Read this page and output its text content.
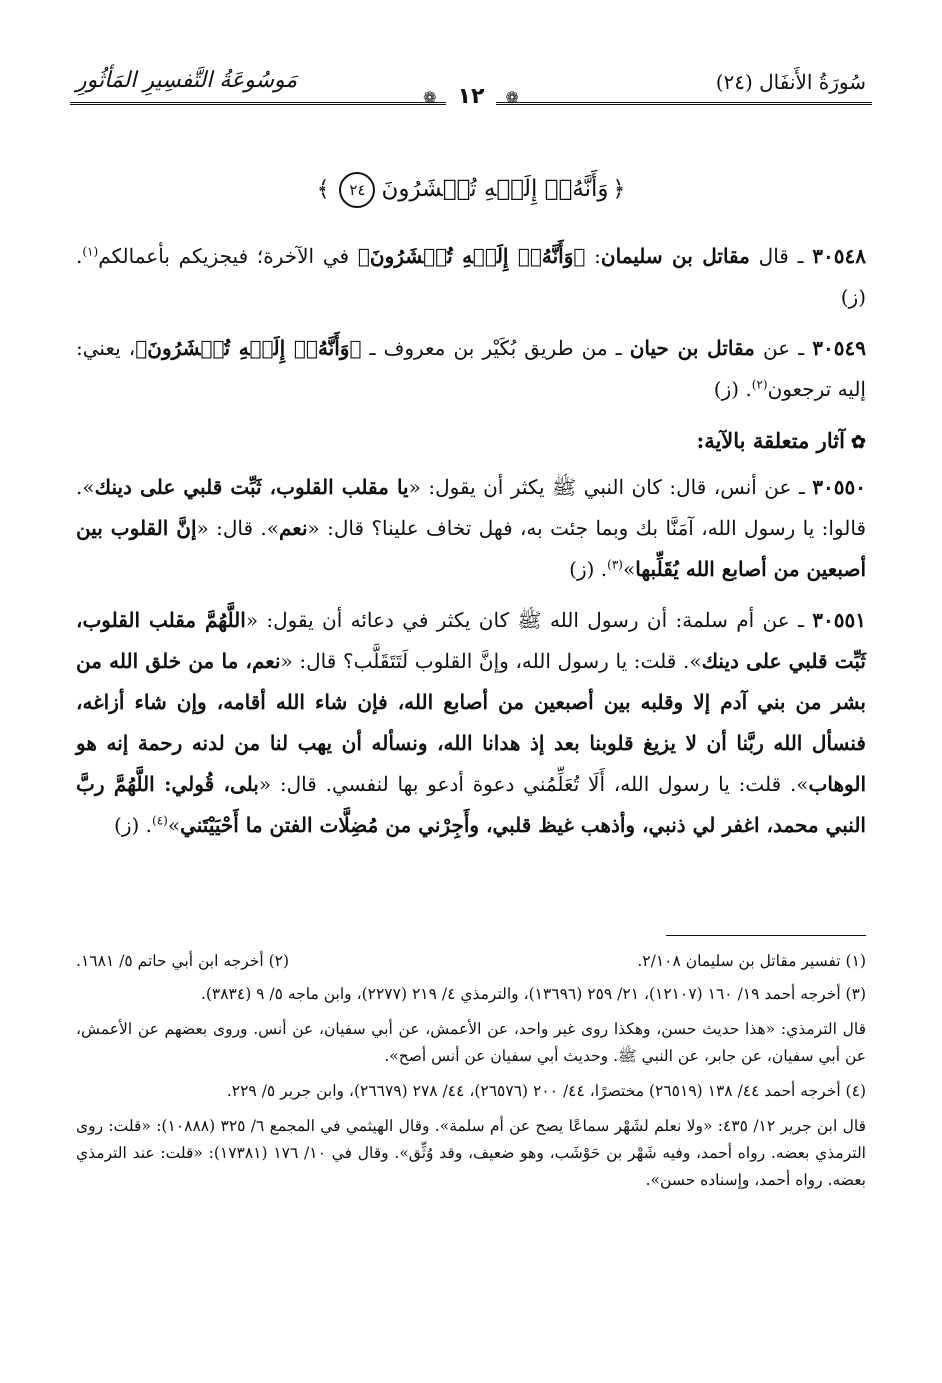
سُورَةُ الأَنفَال (٢٤)
❁ ١٢ ❁
مَوسُوعَةُ التَّفسِيرِ المَأثُورِ
﴿وَأَنَّهُۥٓ إِلَيۡهِ تُحۡشَرُونَ٢٤﴾

٣٠٥٤٨ ـ قال مقاتل بن سليمان: ﴿وَأَنَّهُۥٓ إِلَيۡهِ تُحۡشَرُونَ﴾ في الآخرة؛ فيجزيكم بأعمالكم$^{(١)}$. (ز)

٣٠٥٤٩ ـ عن مقاتل بن حيان ـ من طريق بُكَيْر بن معروف ـ ﴿وَأَنَّهُۥٓ إِلَيۡهِ تُحۡشَرُونَ﴾، يعني: إليه ترجعون$^{(٢)}$. (ز)

✿آثار متعلقة بالآية:

٣٠٥٥٠ ـ عن أنس، قال: كان النبي ﷺ يكثر أن يقول: «يا مقلب القلوب، ثَبِّت قلبي على دينك». قالوا: يا رسول الله، آمَنَّا بك وبما جئت به، فهل تخاف علينا؟ قال: «نعم». قال: «إنَّ القلوب بين أصبعين من أصابع الله يُقَلِّبها»$^{(٣)}$. (ز)

٣٠٥٥١ ـ عن أم سلمة: أن رسول الله ﷺ كان يكثر في دعائه أن يقول: «اللَّهُمَّ مقلب القلوب، ثَبِّت قلبي على دينك». قلت: يا رسول الله، وإنَّ القلوب لَتَتَقَلَّب؟ قال: «نعم، ما من خلق الله من بشر من بني آدم إلا وقلبه بين أصبعين من أصابع الله، فإن شاء الله أقامه، وإن شاء أزاغه، فنسأل الله ربَّنا أن لا يزيغ قلوبنا بعد إذ هدانا الله، ونسأله أن يهب لنا من لدنه رحمة إنه هو الوهاب». قلت: يا رسول الله، أَلَا تُعَلِّمُني دعوة أدعو بها لنفسي. قال: «بلى، قُولي: اللَّهُمَّ ربَّ النبي محمد، اغفر لي ذنبي، وأذهب غيظ قلبي، وأَجِرْني من مُضِلَّات الفتن ما أَحْيَيْتَني»$^{(٤)}$. (ز)

(١) تفسير مقاتل بن سليمان ٢/١٠٨.
(٢) أخرجه ابن أبي حاتم ٥/ ١٦٨١.

(٣) أخرجه أحمد ١٩/ ١٦٠ (١٢١٠٧)، ٢١/ ٢٥٩ (١٣٦٩٦)، والترمذي ٤/ ٢١٩ (٢٢٧٧)، وابن ماجه ٥/ ٩ (٣٨٣٤).

قال الترمذي: «هذا حديث حسن، وهكذا روى غير واحد، عن الأعمش، عن أبي سفيان، عن أنس. وروى بعضهم عن الأعمش، عن أبي سفيان، عن جابر، عن النبي ﷺ. وحديث أبي سفيان عن أنس أصح».

(٤) أخرجه أحمد ٤٤/ ١٣٨ (٢٦٥١٩) مختصرًا، ٤٤/ ٢٠٠ (٢٦٥٧٦)، ٤٤/ ٢٧٨ (٢٦٦٧٩)، وابن جرير ٥/ ٢٢٩.

قال ابن جرير ١٢/ ٤٣٥: «ولا نعلم لشَهْر سماعًا يصح عن أم سلمة». وقال الهيثمي في المجمع ٦/ ٣٢٥ (١٠٨٨٨): «قلت: روى الترمذي بعضه. رواه أحمد، وفيه شَهْر بن حَوْشَب، وهو ضعيف، وقد وُثِّق». وقال في ١٠/ ١٧٦ (١٧٣٨١): «قلت: عند الترمذي بعضه. رواه أحمد، وإسناده حسن».
